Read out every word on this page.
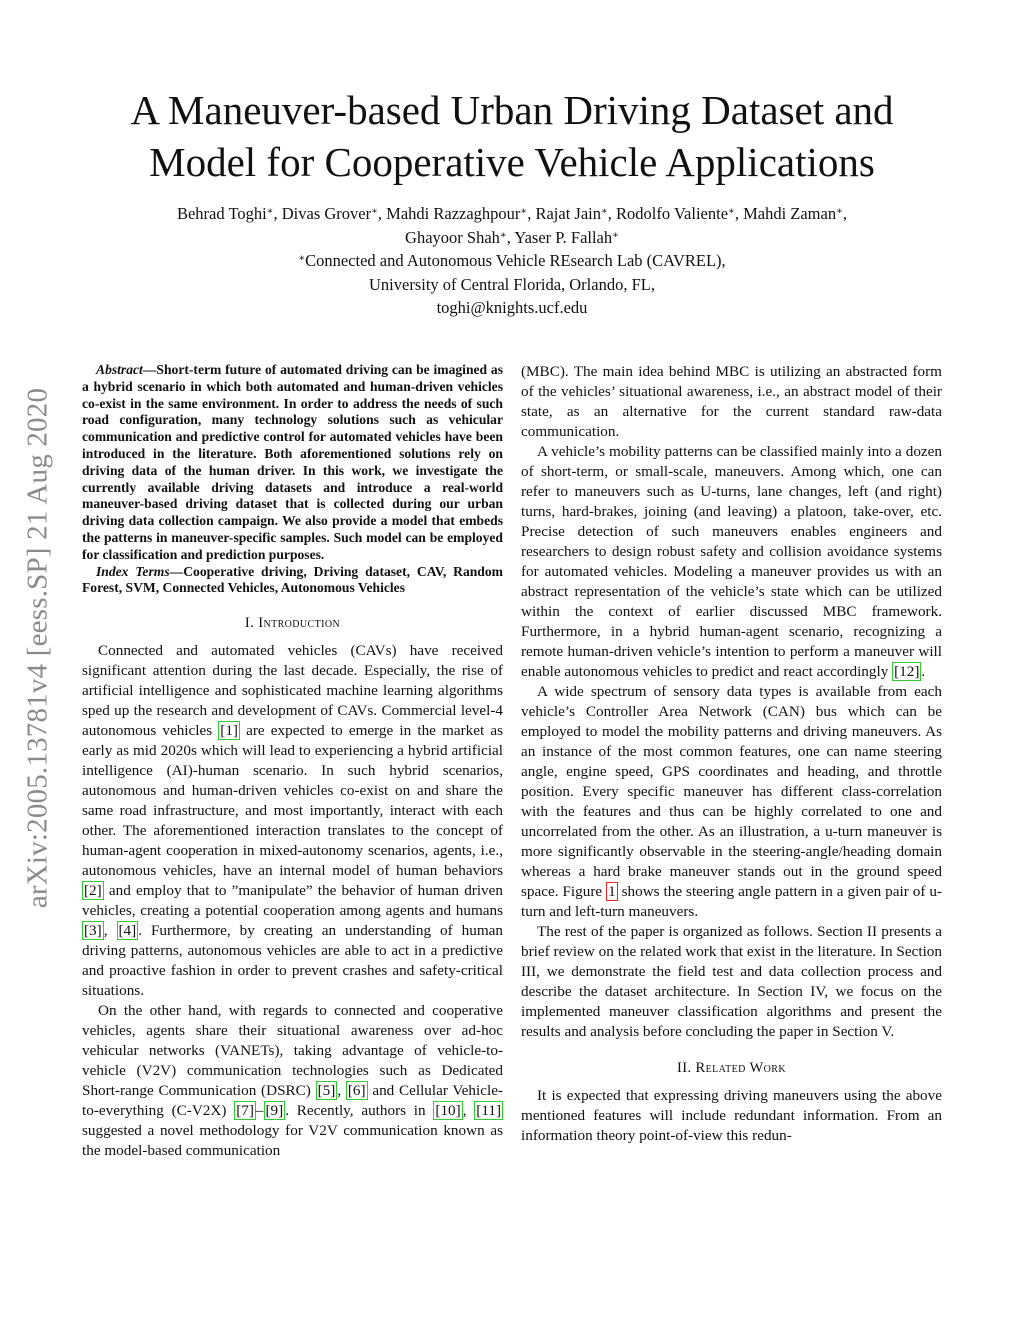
arXiv:2005.13781v4 [eess.SP] 21 Aug 2020
A Maneuver-based Urban Driving Dataset and
Model for Cooperative Vehicle Applications
Behrad Toghi∗, Divas Grover∗, Mahdi Razzaghpour∗, Rajat Jain∗, Rodolfo Valiente∗, Mahdi Zaman∗,
Ghayoor Shah∗, Yaser P. Fallah∗
∗Connected and Autonomous Vehicle REsearch Lab (CAVREL),
University of Central Florida, Orlando, FL,
toghi@knights.ucf.edu

Abstract—Short-term future of automated driving can be imagined as a hybrid scenario in which both automated and human-driven vehicles co-exist in the same environment. In order to address the needs of such road configuration, many technology solutions such as vehicular communication and predictive control for automated vehicles have been introduced in the literature. Both aforementioned solutions rely on driving data of the human driver. In this work, we investigate the currently available driving datasets and introduce a real-world maneuver-based driving dataset that is collected during our urban driving data collection campaign. We also provide a model that embeds the patterns in maneuver-specific samples. Such model can be employed for classification and prediction purposes.

Index Terms—Cooperative driving, Driving dataset, CAV, Random Forest, SVM, Connected Vehicles, Autonomous Vehicles

I. Introduction

Connected and automated vehicles (CAVs) have received significant attention during the last decade. Especially, the rise of artificial intelligence and sophisticated machine learning algorithms sped up the research and development of CAVs. Commercial level-4 autonomous vehicles [1] are expected to emerge in the market as early as mid 2020s which will lead to experiencing a hybrid artificial intelligence (AI)-human scenario. In such hybrid scenarios, autonomous and human-driven vehicles co-exist on and share the same road infrastructure, and most importantly, interact with each other. The aforementioned interaction translates to the concept of human-agent cooperation in mixed-autonomy scenarios, agents, i.e., autonomous vehicles, have an internal model of human behaviors [2] and employ that to ”manipulate” the behavior of human driven vehicles, creating a potential cooperation among agents and humans [3] , [4] . Furthermore, by creating an understanding of human driving patterns, autonomous vehicles are able to act in a predictive and proactive fashion in order to prevent crashes and safety-critical situations.

On the other hand, with regards to connected and cooperative vehicles, agents share their situational awareness over ad-hoc vehicular networks (VANETs), taking advantage of vehicle-to-vehicle (V2V) communication technologies such as Dedicated Short-range Communication (DSRC) [5] , [6] and Cellular Vehicle-to-everything (C-V2X) [7] – [9] . Recently, authors in [10] , [11] suggested a novel methodology for V2V communication known as the model-based communication

(MBC). The main idea behind MBC is utilizing an abstracted form of the vehicles’ situational awareness, i.e., an abstract model of their state, as an alternative for the current standard raw-data communication.

A vehicle’s mobility patterns can be classified mainly into a dozen of short-term, or small-scale, maneuvers. Among which, one can refer to maneuvers such as U-turns, lane changes, left (and right) turns, hard-brakes, joining (and leaving) a platoon, take-over, etc. Precise detection of such maneuvers enables engineers and researchers to design robust safety and collision avoidance systems for automated vehicles. Modeling a maneuver provides us with an abstract representation of the vehicle’s state which can be utilized within the context of earlier discussed MBC framework. Furthermore, in a hybrid human-agent scenario, recognizing a remote human-driven vehicle’s intention to perform a maneuver will enable autonomous vehicles to predict and react accordingly [12] .

A wide spectrum of sensory data types is available from each vehicle’s Controller Area Network (CAN) bus which can be employed to model the mobility patterns and driving maneuvers. As an instance of the most common features, one can name steering angle, engine speed, GPS coordinates and heading, and throttle position. Every specific maneuver has different class-correlation with the features and thus can be highly correlated to one and uncorrelated from the other. As an illustration, a u-turn maneuver is more significantly observable in the steering-angle/heading domain whereas a hard brake maneuver stands out in the ground speed space. Figure 1 shows the steering angle pattern in a given pair of u-turn and left-turn maneuvers.

The rest of the paper is organized as follows. Section II presents a brief review on the related work that exist in the literature. In Section III, we demonstrate the field test and data collection process and describe the dataset architecture. In Section IV, we focus on the implemented maneuver classification algorithms and present the results and analysis before concluding the paper in Section V.

II. Related Work

It is expected that expressing driving maneuvers using the above mentioned features will include redundant information. From an information theory point-of-view this redun-
